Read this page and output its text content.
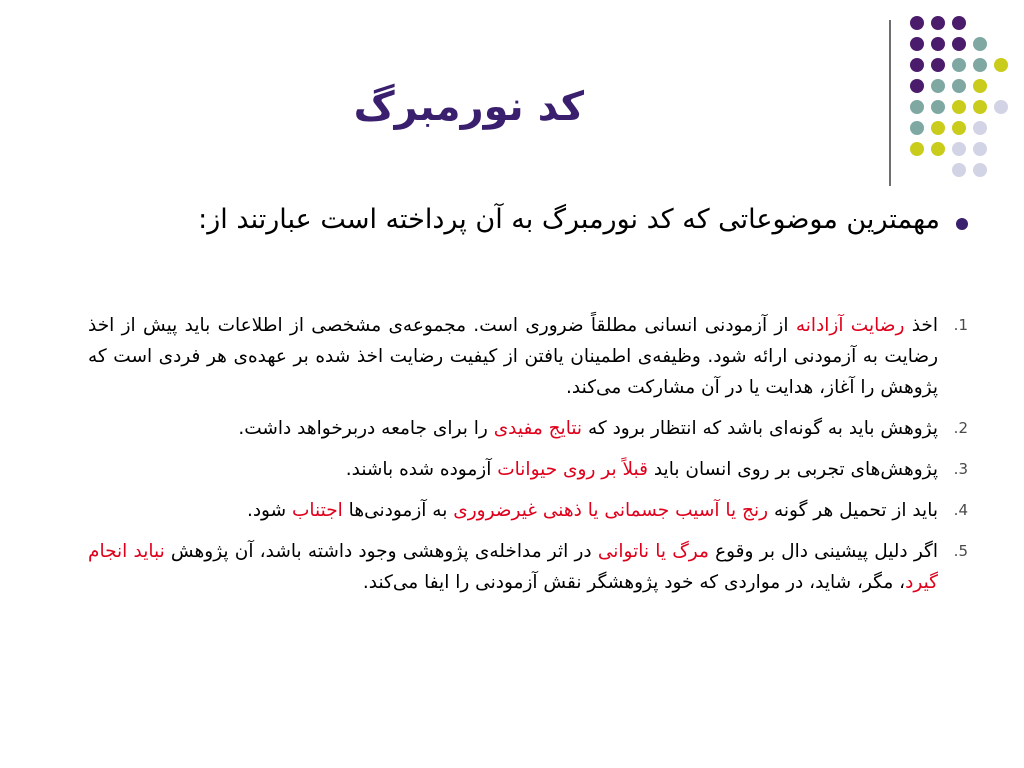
کد نورمبرگ
مهمترین موضوعاتی که کد نورمبرگ به آن پرداخته است عبارتند از:
1.
اخذ رضایت آزادانه از آزمودنی انسانی مطلقاً ضروری است. مجموعه‌ی مشخصی از اطلاعات باید پیش از اخذ رضایت به آزمودنی ارائه شود. وظیفه‌ی اطمینان یافتن از کیفیت رضایت اخذ شده بر عهده‌ی هر فردی است که پژوهش را آغاز، هدایت یا در آن مشارکت می‌کند.
2.
پژوهش باید به گونه‌ای باشد که انتظار برود که نتایج مفیدی را برای جامعه دربرخواهد داشت.
3.
پژوهش‌های تجربی بر روی انسان باید قبلاً بر روی حیوانات آزموده شده باشند.
4.
باید از تحمیل هر گونه رنج یا آسیب جسمانی یا ذهنی غیرضروری به آزمودنی‌ها اجتناب شود.
5.
اگر دلیل پیشینی دال بر وقوع مرگ یا ناتوانی در اثر مداخله‌ی پژوهشی وجود داشته باشد، آن پژوهش نباید انجام گیرد، مگر، شاید، در مواردی که خود پژوهشگر نقش آزمودنی را ایفا می‌کند.
